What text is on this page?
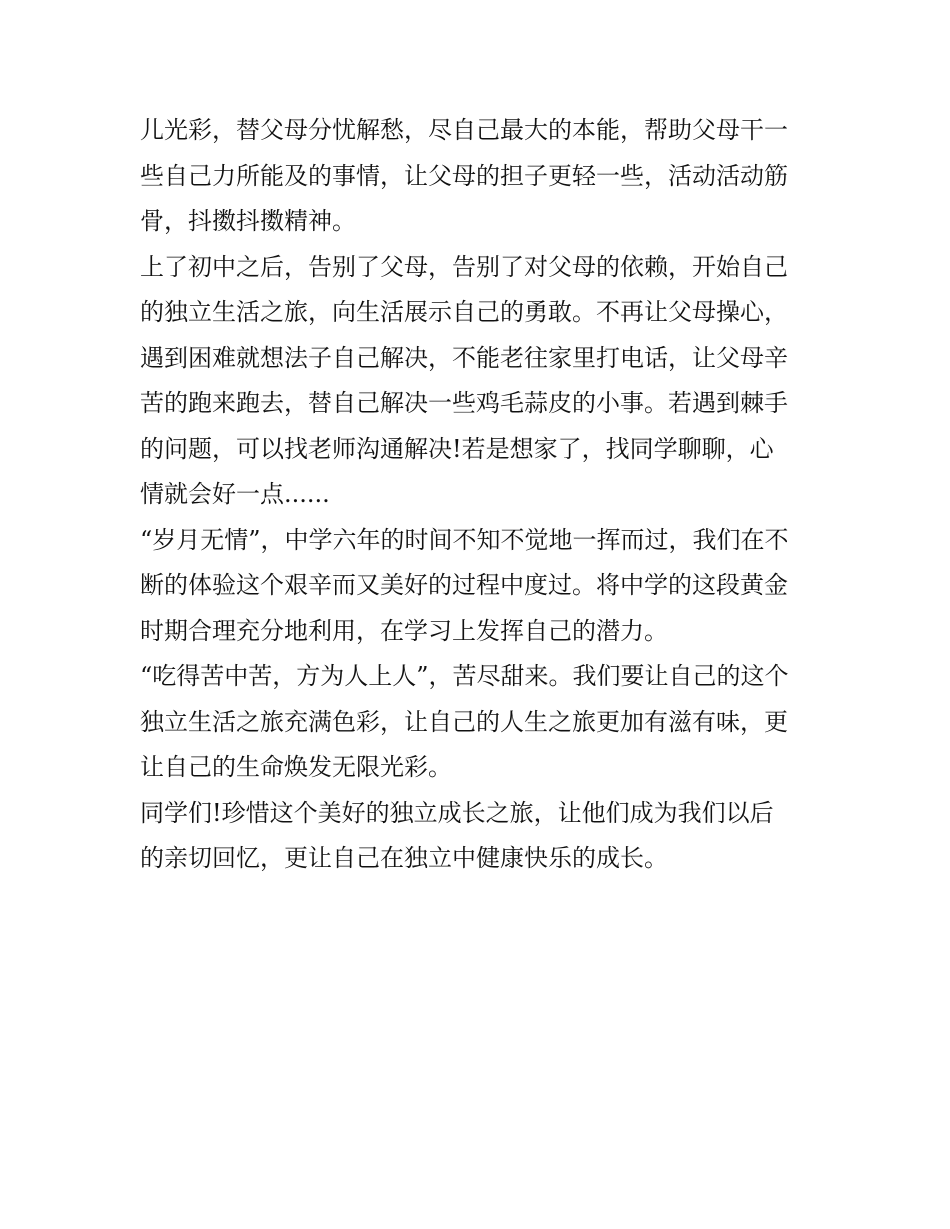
儿光彩，替父母分忧解愁，尽自己最大的本能，帮助父母干一
些自己力所能及的事情，让父母的担子更轻一些，活动活动筋
骨，抖擞抖擞精神。

上了初中之后，告别了父母，告别了对父母的依赖，开始自己
的独立生活之旅，向生活展示自己的勇敢。不再让父母操心，
遇到困难就想法子自己解决，不能老往家里打电话，让父母辛
苦的跑来跑去，替自己解决一些鸡毛蒜皮的小事。若遇到棘手
的问题，可以找老师沟通解决!若是想家了，找同学聊聊，心
情就会好一点......

“岁月无情”，中学六年的时间不知不觉地一挥而过，我们在不
断的体验这个艰辛而又美好的过程中度过。将中学的这段黄金
时期合理充分地利用，在学习上发挥自己的潜力。

“吃得苦中苦，方为人上人”，苦尽甜来。我们要让自己的这个
独立生活之旅充满色彩，让自己的人生之旅更加有滋有味，更
让自己的生命焕发无限光彩。

同学们!珍惜这个美好的独立成长之旅，让他们成为我们以后
的亲切回忆，更让自己在独立中健康快乐的成长。
